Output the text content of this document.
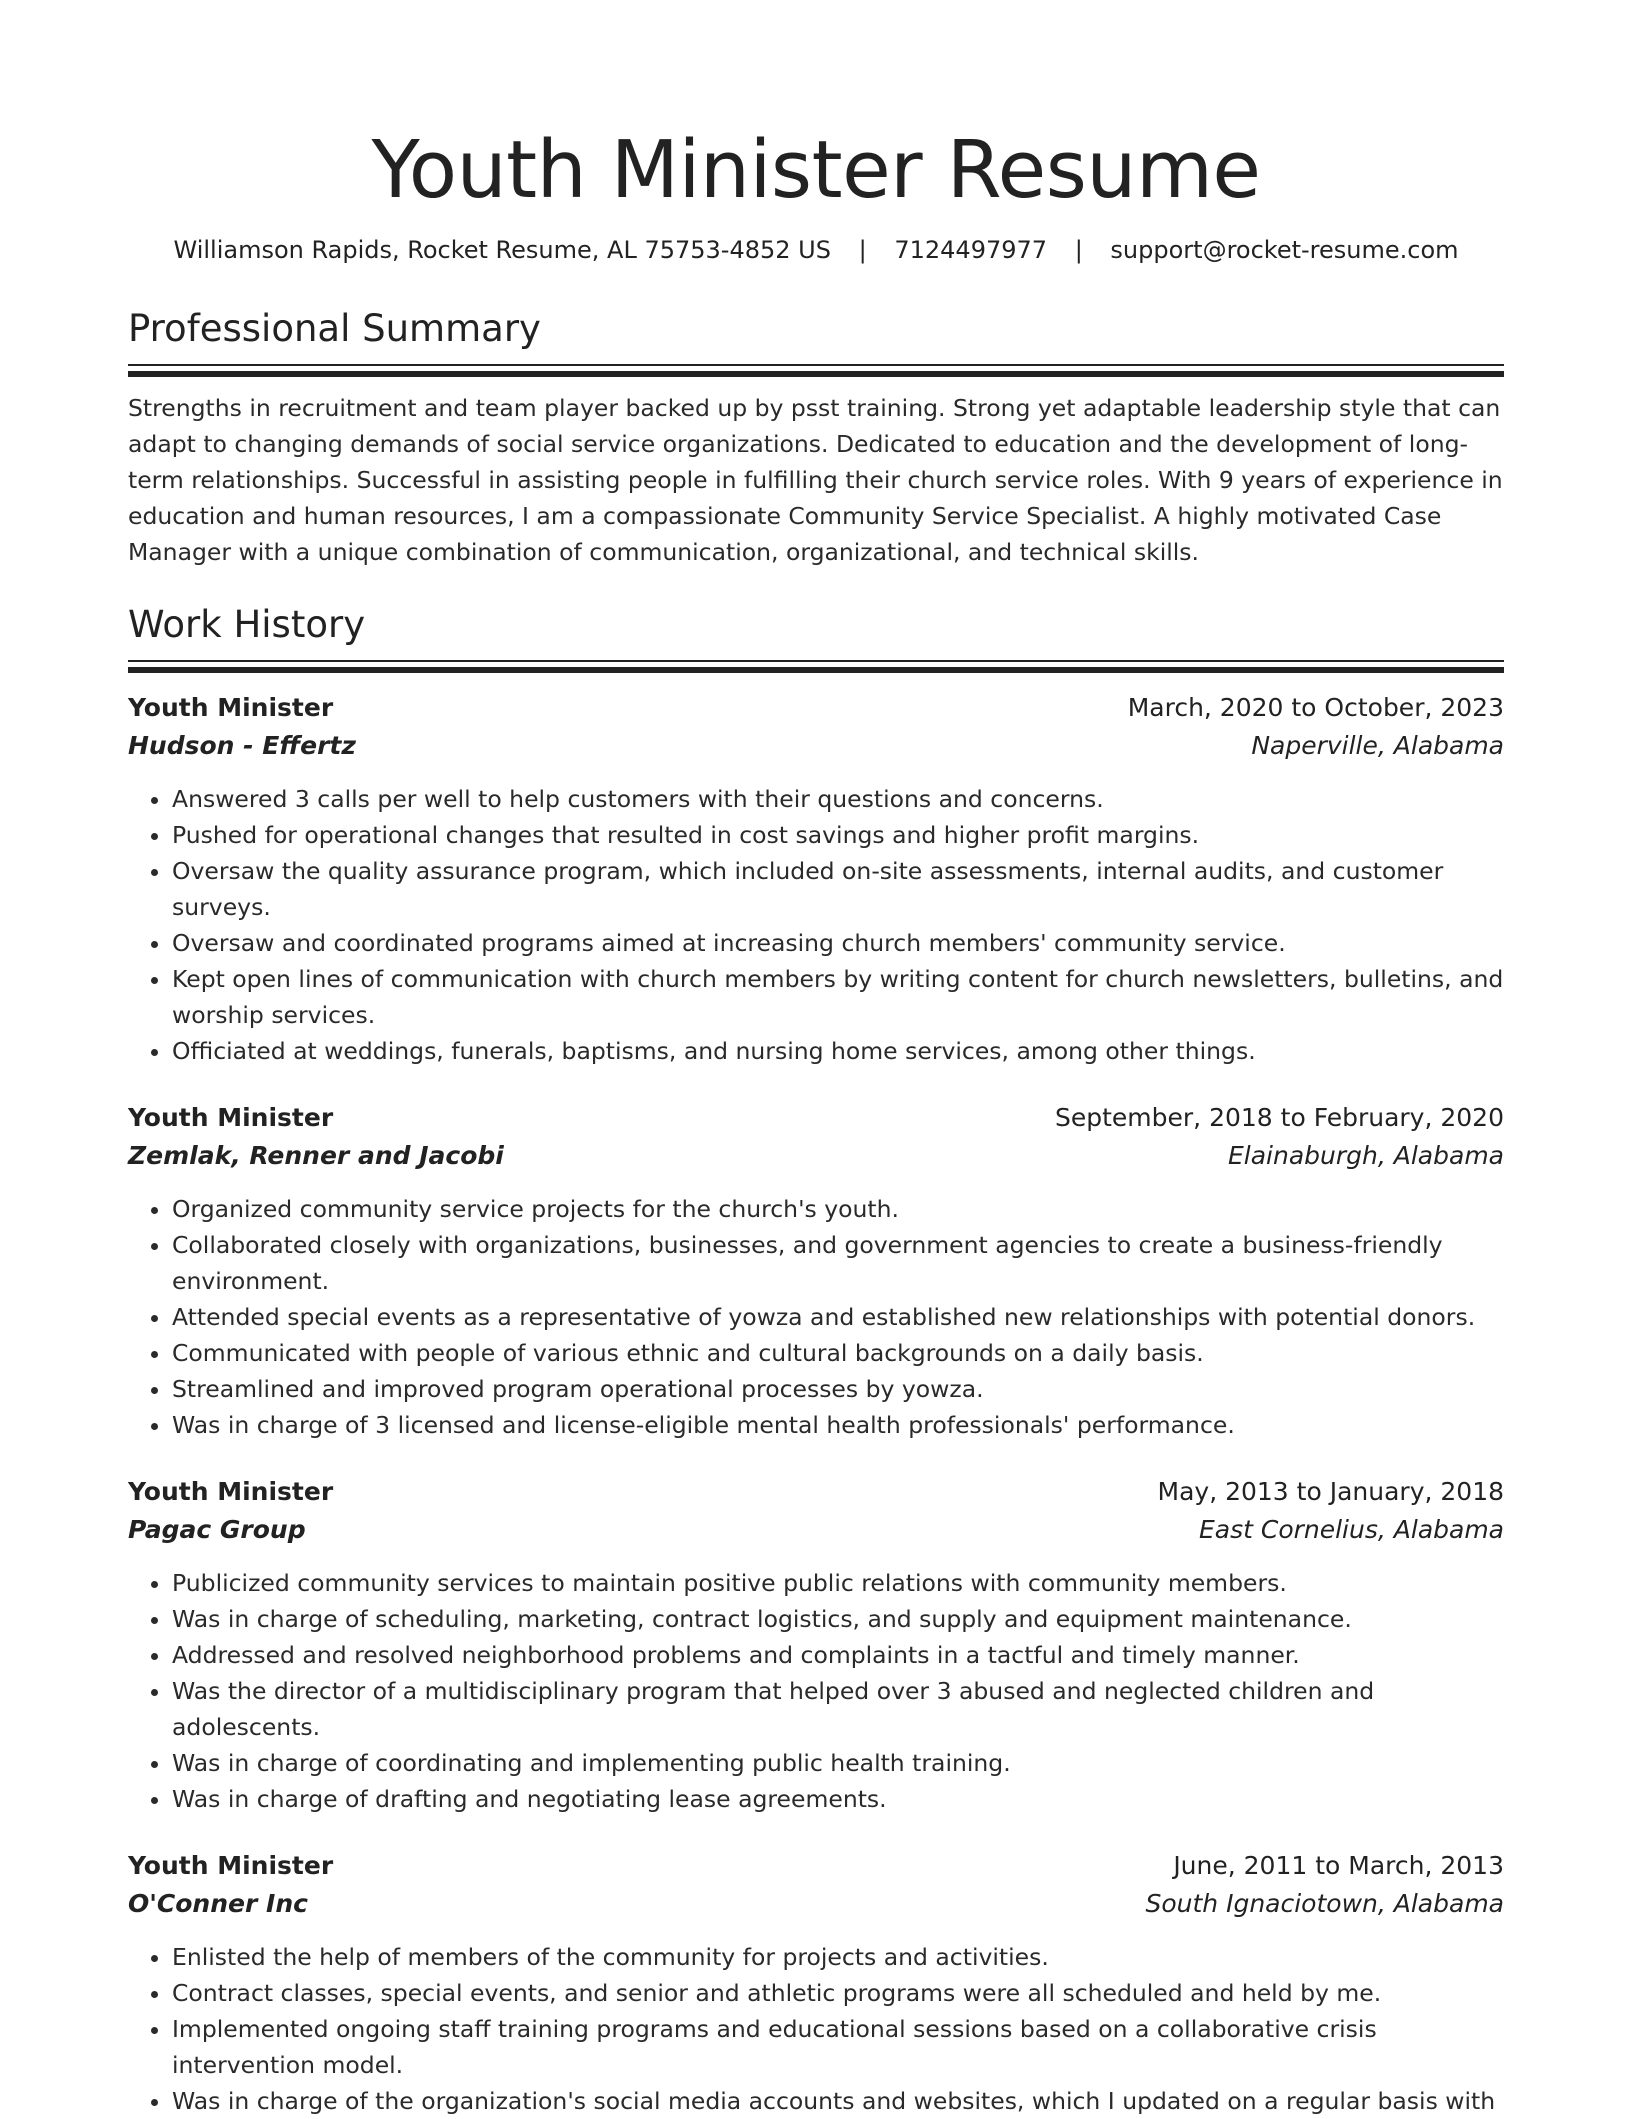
Youth Minister Resume
Williamson Rapids, Rocket Resume, AL 75753-4852 US | 7124497977 | support@rocket-resume.com
Professional Summary

Strengths in recruitment and team player backed up by psst training. Strong yet adaptable leadership style that can adapt to changing demands of social service organizations. Dedicated to education and the development of long-term relationships. Successful in assisting people in fulfilling their church service roles. With 9 years of experience in education and human resources, I am a compassionate Community Service Specialist. A highly motivated Case Manager with a unique combination of communication, organizational, and technical skills.

Work History
Youth Minister	March, 2020 to October, 2023
Hudson - Effertz	Naperville, Alabama
• Answered 3 calls per well to help customers with their questions and concerns.
• Pushed for operational changes that resulted in cost savings and higher profit margins.
• Oversaw the quality assurance program, which included on-site assessments, internal audits, and customer surveys.
• Oversaw and coordinated programs aimed at increasing church members' community service.
• Kept open lines of communication with church members by writing content for church newsletters, bulletins, and worship services.
• Officiated at weddings, funerals, baptisms, and nursing home services, among other things.
Youth Minister	September, 2018 to February, 2020
Zemlak, Renner and Jacobi	Elainaburgh, Alabama
• Organized community service projects for the church's youth.
• Collaborated closely with organizations, businesses, and government agencies to create a business-friendly environment.
• Attended special events as a representative of yowza and established new relationships with potential donors.
• Communicated with people of various ethnic and cultural backgrounds on a daily basis.
• Streamlined and improved program operational processes by yowza.
• Was in charge of 3 licensed and license-eligible mental health professionals' performance.
Youth Minister	May, 2013 to January, 2018
Pagac Group	East Cornelius, Alabama
• Publicized community services to maintain positive public relations with community members.
• Was in charge of scheduling, marketing, contract logistics, and supply and equipment maintenance.
• Addressed and resolved neighborhood problems and complaints in a tactful and timely manner.
• Was the director of a multidisciplinary program that helped over 3 abused and neglected children and adolescents.
• Was in charge of coordinating and implementing public health training.
• Was in charge of drafting and negotiating lease agreements.
Youth Minister	June, 2011 to March, 2013
O'Conner Inc	South Ignaciotown, Alabama
• Enlisted the help of members of the community for projects and activities.
• Contract classes, special events, and senior and athletic programs were all scheduled and held by me.
• Implemented ongoing staff training programs and educational sessions based on a collaborative crisis intervention model.
• Was in charge of the organization's social media accounts and websites, which I updated on a regular basis with
